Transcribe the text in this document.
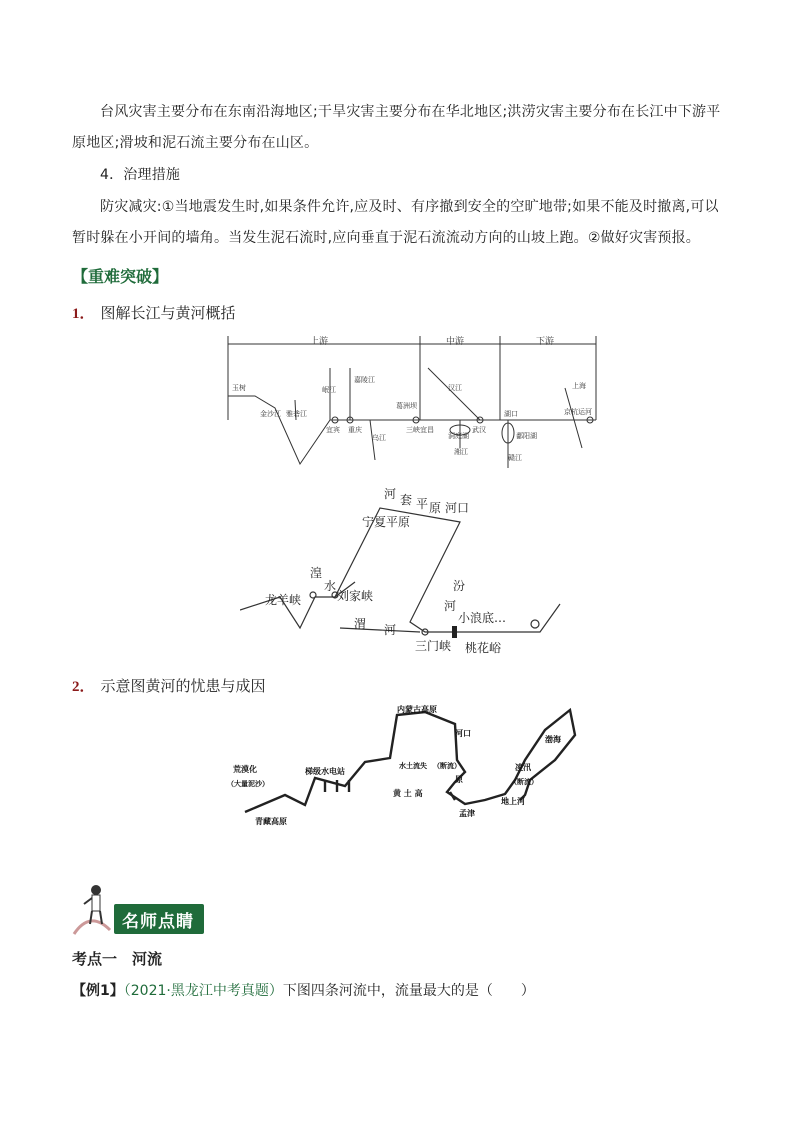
台风灾害主要分布在东南沿海地区;干旱灾害主要分布在华北地区;洪涝灾害主要分布在长江中下游平原地区;滑坡和泥石流主要分布在山区。
4．治理措施
防灾减灾:①当地震发生时,如果条件允许,应及时、有序撤到安全的空旷地带;如果不能及时撤离,可以暂时躲在小开间的墙角。当发生泥石流时,应向垂直于泥石流流动方向的山坡上跑。②做好灾害预报。
【重难突破】
1． 图解长江与黄河概括
上游	中游	下游
玉树
金沙江 雅砻江
岷江
嘉陵江
乌江
宜宾 重庆
葛洲坝
三峡 宜昌
汉江
武汉
洞庭湖
湘江
湖口
鄱阳湖
赣江
京杭运河
上海
龙羊峡
湟
水
刘家峡
宁夏平原
河 套 平 原 河口
汾
河
小浪底…
渭 河
三门峡 桃花峪
2． 示意图黄河的忧患与成因
内蒙古高原
河口
荒漠化
（大量泥沙）
梯级水电站
水土流失 （断流）
黄 土 高
原
青藏高原
孟津
地上河
凌汛
（断流）
渤海
名师点睛
考点一　河流
【例1】（2021·黑龙江中考真题）下图四条河流中，流量最大的是（　　）
